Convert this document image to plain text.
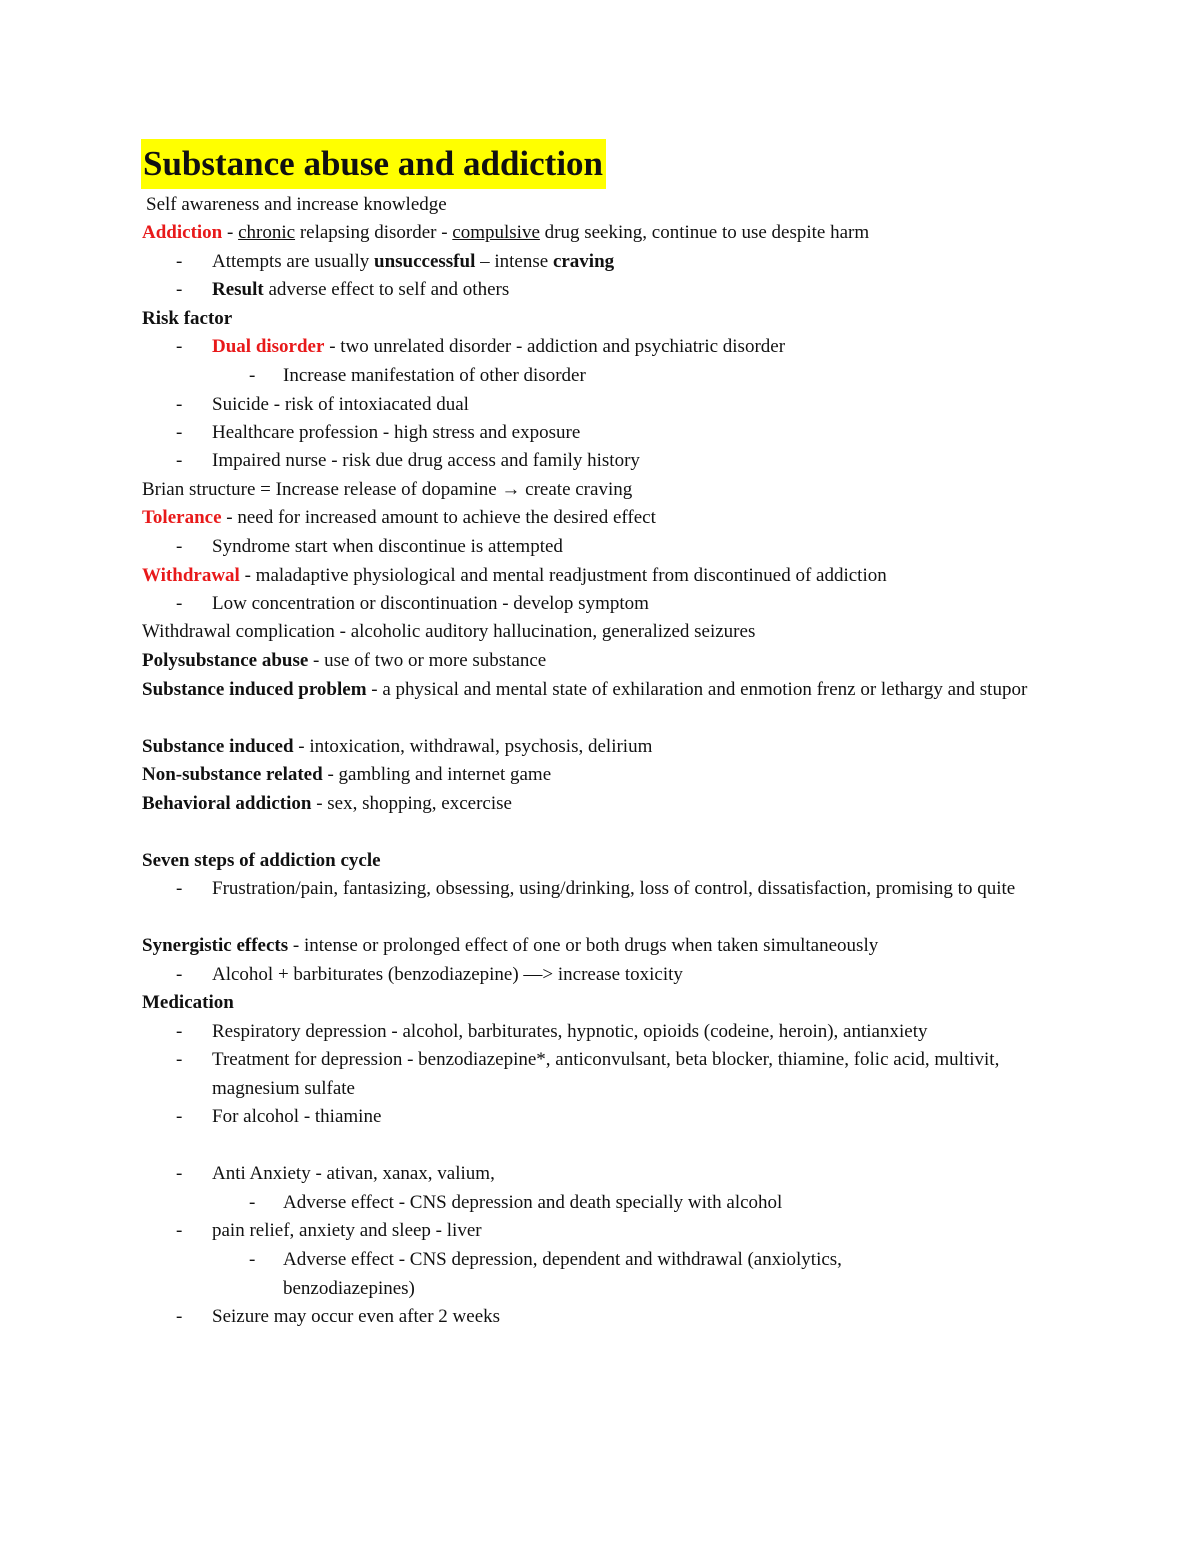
Substance abuse and addiction
Self awareness and increase knowledge
Addiction - chronic relapsing disorder - compulsive drug seeking, continue to use despite harm
- Attempts are usually unsuccessful – intense craving
- Result adverse effect to self and others
Risk factor
- Dual disorder - two unrelated disorder - addiction and psychiatric disorder
- Increase manifestation of other disorder
- Suicide - risk of intoxiacated dual
- Healthcare profession - high stress and exposure
- Impaired nurse - risk due drug access and family history
Brian structure = Increase release of dopamine → create craving
Tolerance - need for increased amount to achieve the desired effect
- Syndrome start when discontinue is attempted
Withdrawal - maladaptive physiological and mental readjustment from discontinued of addiction
- Low concentration or discontinuation - develop symptom
Withdrawal complication - alcoholic auditory hallucination, generalized seizures
Polysubstance abuse - use of two or more substance
Substance induced problem - a physical and mental state of exhilaration and enmotion frenz or lethargy and stupor
Substance induced - intoxication, withdrawal, psychosis, delirium
Non-substance related - gambling and internet game
Behavioral addiction - sex, shopping, excercise
Seven steps of addiction cycle
- Frustration/pain, fantasizing, obsessing, using/drinking, loss of control, dissatisfaction, promising to quite
Synergistic effects - intense or prolonged effect of one or both drugs when taken simultaneously
- Alcohol + barbiturates (benzodiazepine) —> increase toxicity
Medication
- Respiratory depression - alcohol, barbiturates, hypnotic, opioids (codeine, heroin), antianxiety
- Treatment for depression - benzodiazepine*, anticonvulsant, beta blocker, thiamine, folic acid, multivit, magnesium sulfate
- For alcohol - thiamine
- Anti Anxiety - ativan, xanax, valium,
- Adverse effect - CNS depression and death specially with alcohol
- pain relief, anxiety and sleep - liver
- Adverse effect - CNS depression, dependent and withdrawal (anxiolytics, benzodiazepines)
- Seizure may occur even after 2 weeks
